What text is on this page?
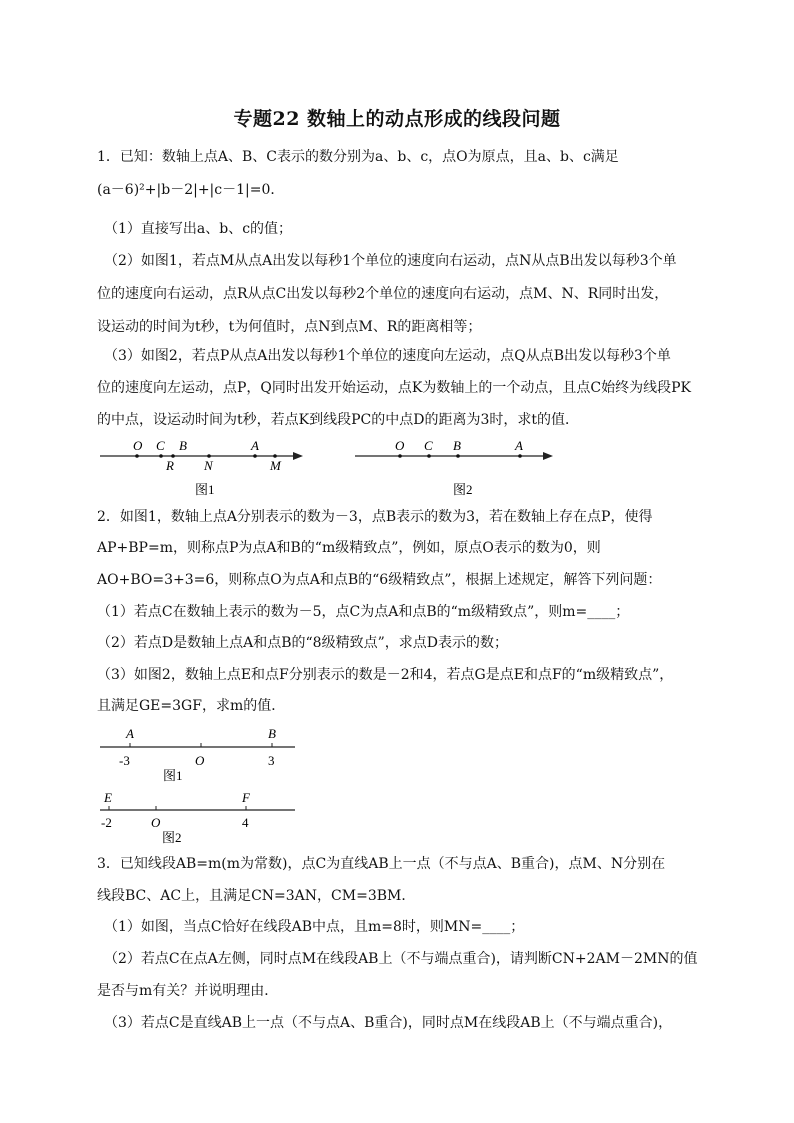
专题22 数轴上的动点形成的线段问题
1．已知：数轴上点A、B、C表示的数分别为a、b、c，点O为原点，且a、b、c满足
(a－6)²+|b－2|+|c－1|=0．
（1）直接写出a、b、c的值；
（2）如图1，若点M从点A出发以每秒1个单位的速度向右运动，点N从点B出发以每秒3个单
位的速度向右运动，点R从点C出发以每秒2个单位的速度向右运动，点M、N、R同时出发，
设运动的时间为t秒，t为何值时，点N到点M、R的距离相等；
（3）如图2，若点P从点A出发以每秒1个单位的速度向左运动，点Q从点B出发以每秒3个单
位的速度向左运动，点P，Q同时出发开始运动，点K为数轴上的一个动点，且点C始终为线段PK
的中点，设运动时间为t秒，若点K到线段PC的中点D的距离为3时，求t的值．
O C B	A
R N	M
图1
O C B	A
图2
2．如图1，数轴上点A分别表示的数为－3，点B表示的数为3，若在数轴上存在点P，使得
AP+BP=m，则称点P为点A和B的“m级精致点”，例如，原点O表示的数为0，则
AO+BO=3+3=6，则称点O为点A和点B的“6级精致点”，根据上述规定，解答下列问题：
（1）若点C在数轴上表示的数为－5，点C为点A和点B的“m级精致点”，则m=____；
（2）若点D是数轴上点A和点B的“8级精致点”，求点D表示的数；
（3）如图2，数轴上点E和点F分别表示的数是－2和4，若点G是点E和点F的“m级精致点”，
且满足GE=3GF，求m的值．
A	B
-3	O	3
图1
E	F
-2	O	4
图2
3．已知线段AB=m(m为常数)，点C为直线AB上一点（不与点A、B重合)，点M、N分别在
线段BC、AC上，且满足CN=3AN，CM=3BM．
（1）如图，当点C恰好在线段AB中点，且m=8时，则MN=____；
（2）若点C在点A左侧，同时点M在线段AB上（不与端点重合)，请判断CN+2AM－2MN的值
是否与m有关？并说明理由．
（3）若点C是直线AB上一点（不与点A、B重合)，同时点M在线段AB上（不与端点重合)，
